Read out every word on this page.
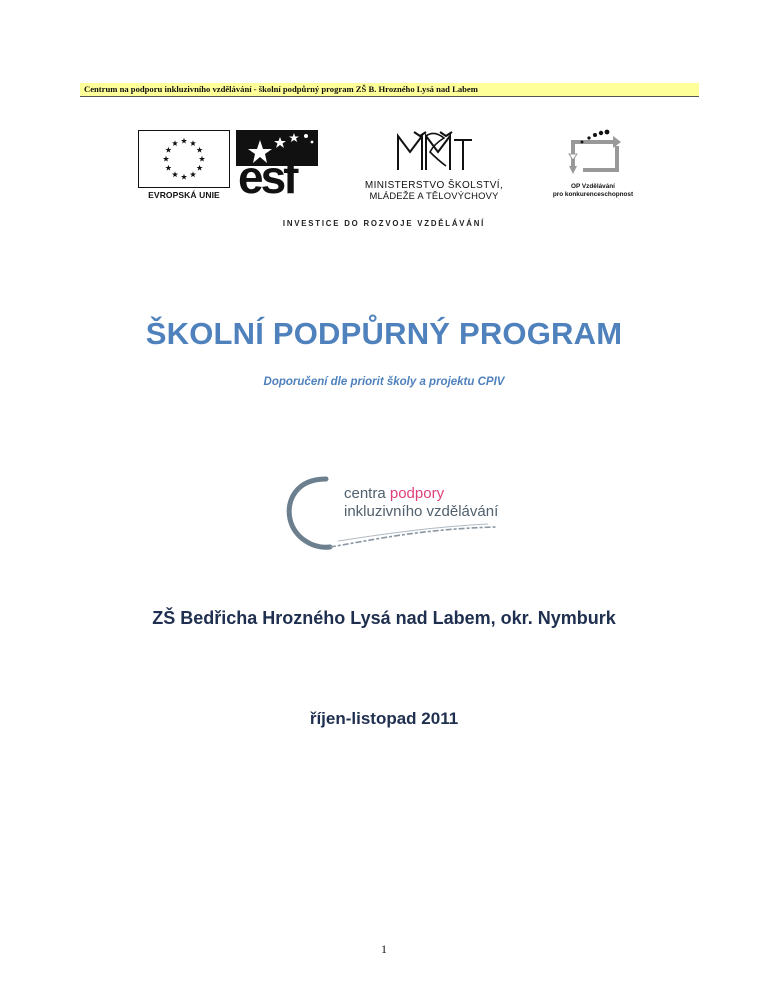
Centrum na podporu inkluzivního vzdělávání - školní podpůrný program ZŠ B. Hrozného Lysá nad Labem
EVROPSKÁ UNIE esf	MINISTERSTVO ŠKOLSTVÍ,
MLÁDEŽE A TĚLOVÝCHOVY
OP Vzdělávání
pro konkurenceschopnost
INVESTICE DO ROZVOJE VZDĚLÁVÁNÍ
ŠKOLNÍ PODPŮRNÝ PROGRAM
Doporučení dle priorit školy a projektu CPIV
centra podpory
inkluzivního vzdělávání
ZŠ Bedřicha Hrozného Lysá nad Labem, okr. Nymburk
říjen-listopad 2011
1
